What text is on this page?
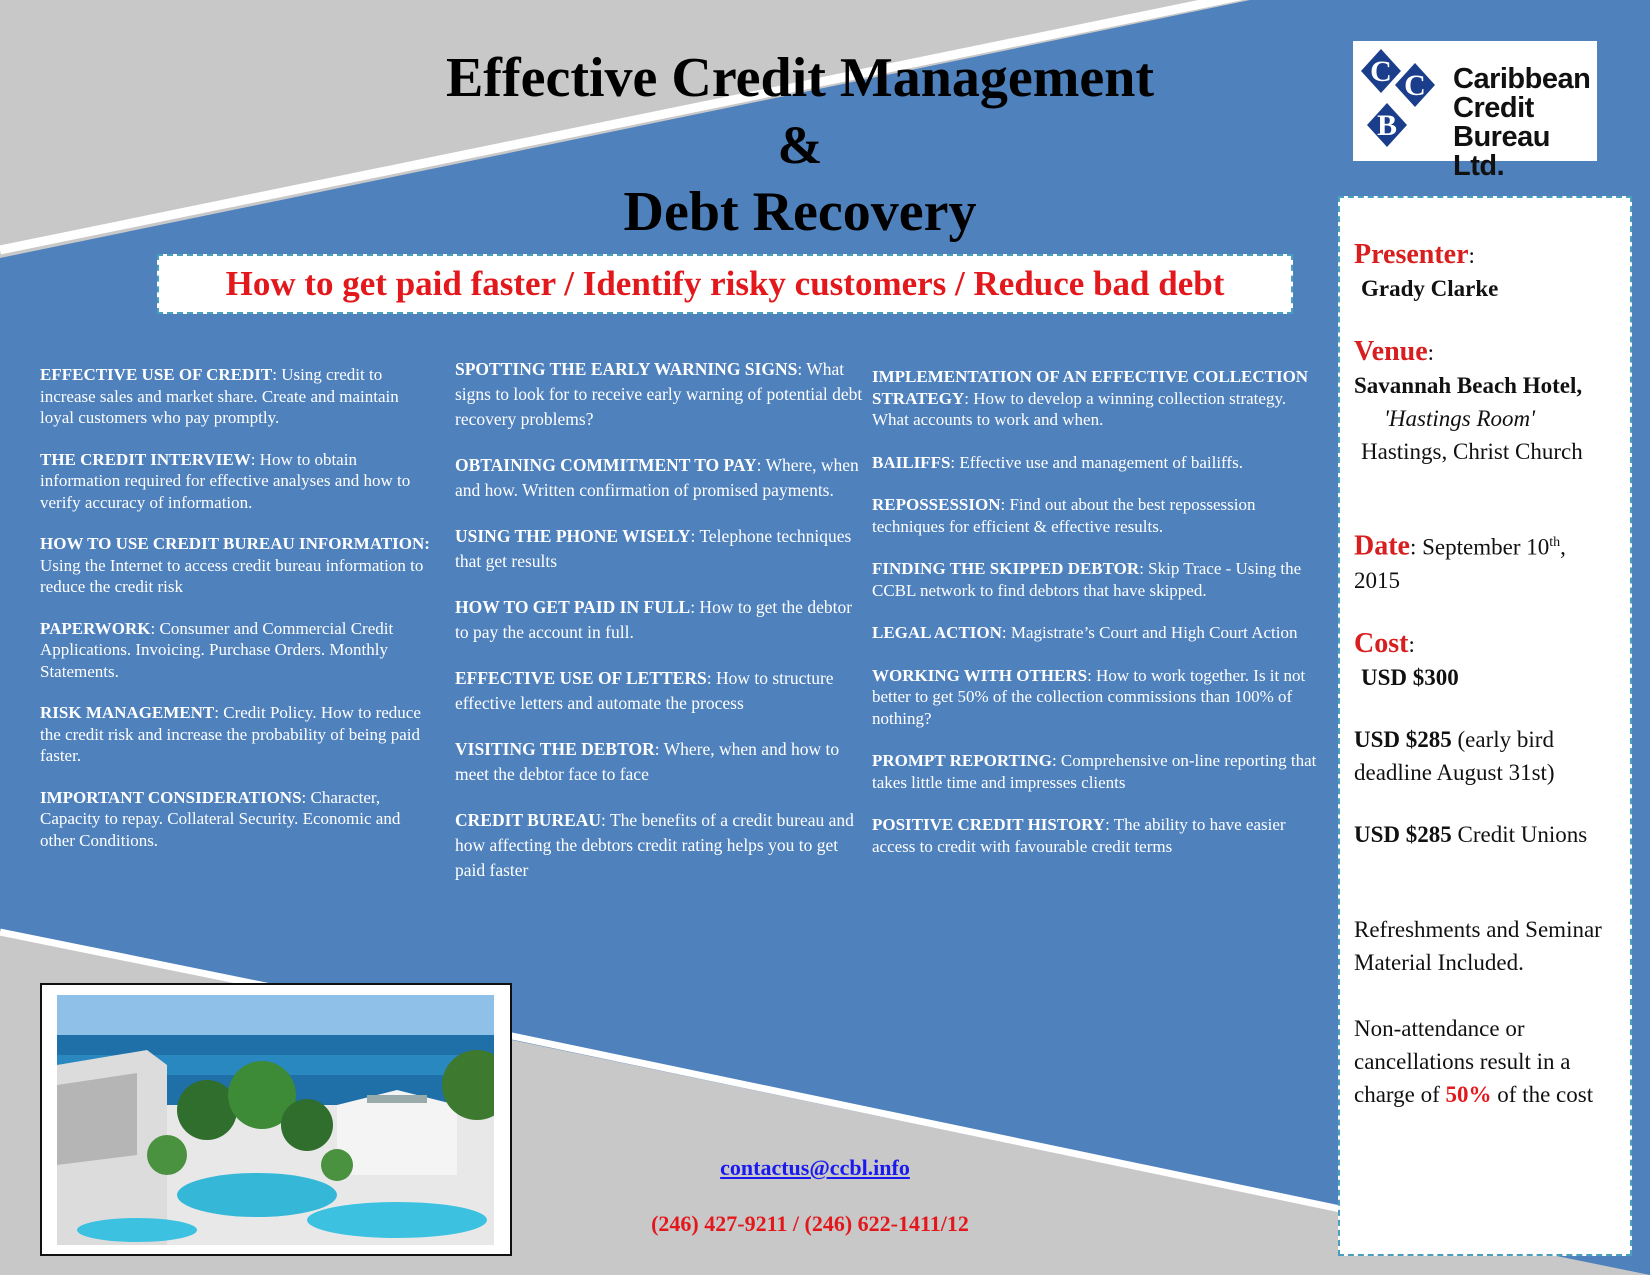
Effective Credit Management
&
Debt Recovery
How to get paid faster / Identify risky customers / Reduce bad debt
C C
B
Caribbean
Credit
Bureau Ltd.

EFFECTIVE USE OF CREDIT: Using credit to increase sales and market share. Create and maintain loyal customers who pay promptly.

THE CREDIT INTERVIEW: How to obtain information required for effective analyses and how to verify accuracy of information.

HOW TO USE CREDIT BUREAU INFORMATION:
Using the Internet to access credit bureau information to reduce the credit risk

PAPERWORK: Consumer and Commercial Credit Applications. Invoicing. Purchase Orders. Monthly Statements.

RISK MANAGEMENT: Credit Policy. How to reduce the credit risk and increase the probability of being paid faster.

IMPORTANT CONSIDERATIONS: Character, Capacity to repay. Collateral Security. Economic and other Conditions.

SPOTTING THE EARLY WARNING SIGNS: What signs to look for to receive early warning of potential debt recovery problems?

OBTAINING COMMITMENT TO PAY: Where, when and how. Written confirmation of promised payments.

USING THE PHONE WISELY: Telephone techniques that get results

HOW TO GET PAID IN FULL: How to get the debtor to pay the account in full.

EFFECTIVE USE OF LETTERS: How to structure effective letters and automate the process

VISITING THE DEBTOR: Where, when and how to meet the debtor face to face

CREDIT BUREAU: The benefits of a credit bureau and how affecting the debtors credit rating helps you to get paid faster

IMPLEMENTATION OF AN EFFECTIVE COLLECTION STRATEGY: How to develop a winning collection strategy. What accounts to work and when.

BAILIFFS: Effective use and management of bailiffs.

REPOSSESSION: Find out about the best repossession techniques for efficient & effective results.

FINDING THE SKIPPED DEBTOR: Skip Trace - Using the CCBL network to find debtors that have skipped.

LEGAL ACTION: Magistrate’s Court and High Court Action

WORKING WITH OTHERS: How to work together. Is it not better to get 50% of the collection commissions than 100% of nothing?

PROMPT REPORTING: Comprehensive on-line reporting that takes little time and impresses clients

POSITIVE CREDIT HISTORY: The ability to have easier access to credit with favourable credit terms

Presenter:
Grady Clarke
Venue:
Savannah Beach Hotel,
'Hastings Room'
Hastings, Christ Church
Date: September 10th,
2015
Cost:
USD $300
USD $285 (early bird deadline August 31st)
USD $285 Credit Unions
Refreshments and Seminar Material Included.
Non-attendance or cancellations result in a charge of 50% of the cost
contactus@ccbl.info
(246) 427-9211 / (246) 622-1411/12
